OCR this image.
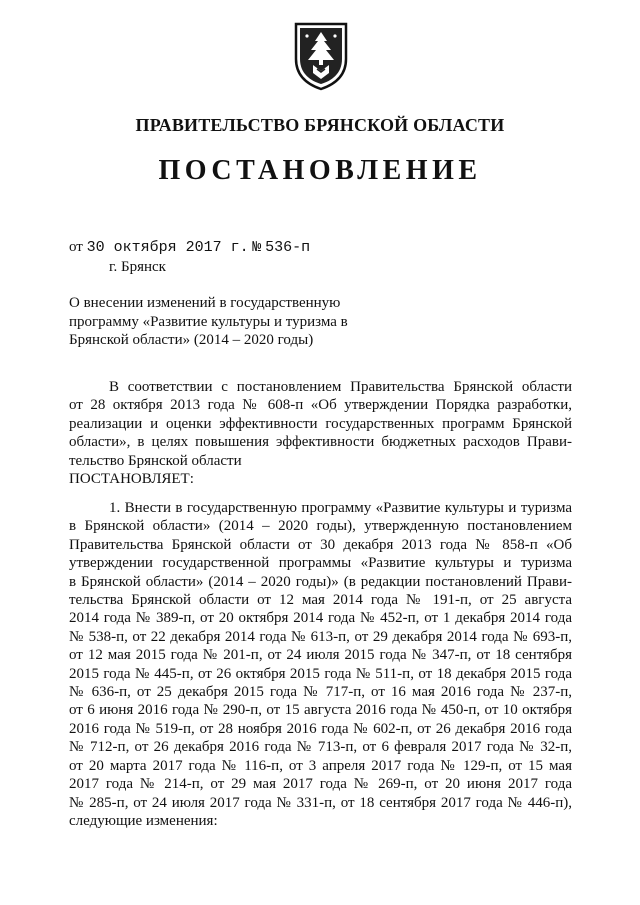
ПРАВИТЕЛЬСТВО БРЯНСКОЙ ОБЛАСТИ
ПОСТАНОВЛЕНИЕ
от 30 октября 2017 г. № 536-п
г. Брянск
О внесении изменений в государственную
программу «Развитие культуры и туризма в
Брянской области» (2014 – 2020 годы)
В соответствии с постановлением Правительства Брянской области
от 28 октября 2013 года № 608-п «Об утверждении Порядка разработки,
реализации и оценки эффективности государственных программ Брянской
области», в целях повышения эффективности бюджетных расходов Прави-
тельство Брянской области
ПОСТАНОВЛЯЕТ:
1. Внести в государственную программу «Развитие культуры и туризма
в Брянской области» (2014 – 2020 годы), утвержденную постановлением
Правительства Брянской области от 30 декабря 2013 года № 858-п «Об
утверждении государственной программы «Развитие культуры и туризма
в Брянской области» (2014 – 2020 годы)» (в редакции постановлений Прави-
тельства Брянской области от 12 мая 2014 года № 191-п, от 25 августа
2014 года № 389-п, от 20 октября 2014 года № 452-п, от 1 декабря 2014 года
№ 538-п, от 22 декабря 2014 года № 613-п, от 29 декабря 2014 года № 693-п,
от 12 мая 2015 года № 201-п, от 24 июля 2015 года № 347-п, от 18 сентября
2015 года № 445-п, от 26 октября 2015 года № 511-п, от 18 декабря 2015 года
№ 636-п, от 25 декабря 2015 года № 717-п, от 16 мая 2016 года № 237-п,
от 6 июня 2016 года № 290-п, от 15 августа 2016 года № 450-п, от 10 октября
2016 года № 519-п, от 28 ноября 2016 года № 602-п, от 26 декабря 2016 года
№ 712-п, от 26 декабря 2016 года № 713-п, от 6 февраля 2017 года № 32-п,
от 20 марта 2017 года № 116-п, от 3 апреля 2017 года № 129-п, от 15 мая
2017 года № 214-п, от 29 мая 2017 года № 269-п, от 20 июня 2017 года
№ 285-п, от 24 июля 2017 года № 331-п, от 18 сентября 2017 года № 446-п),
следующие изменения:
